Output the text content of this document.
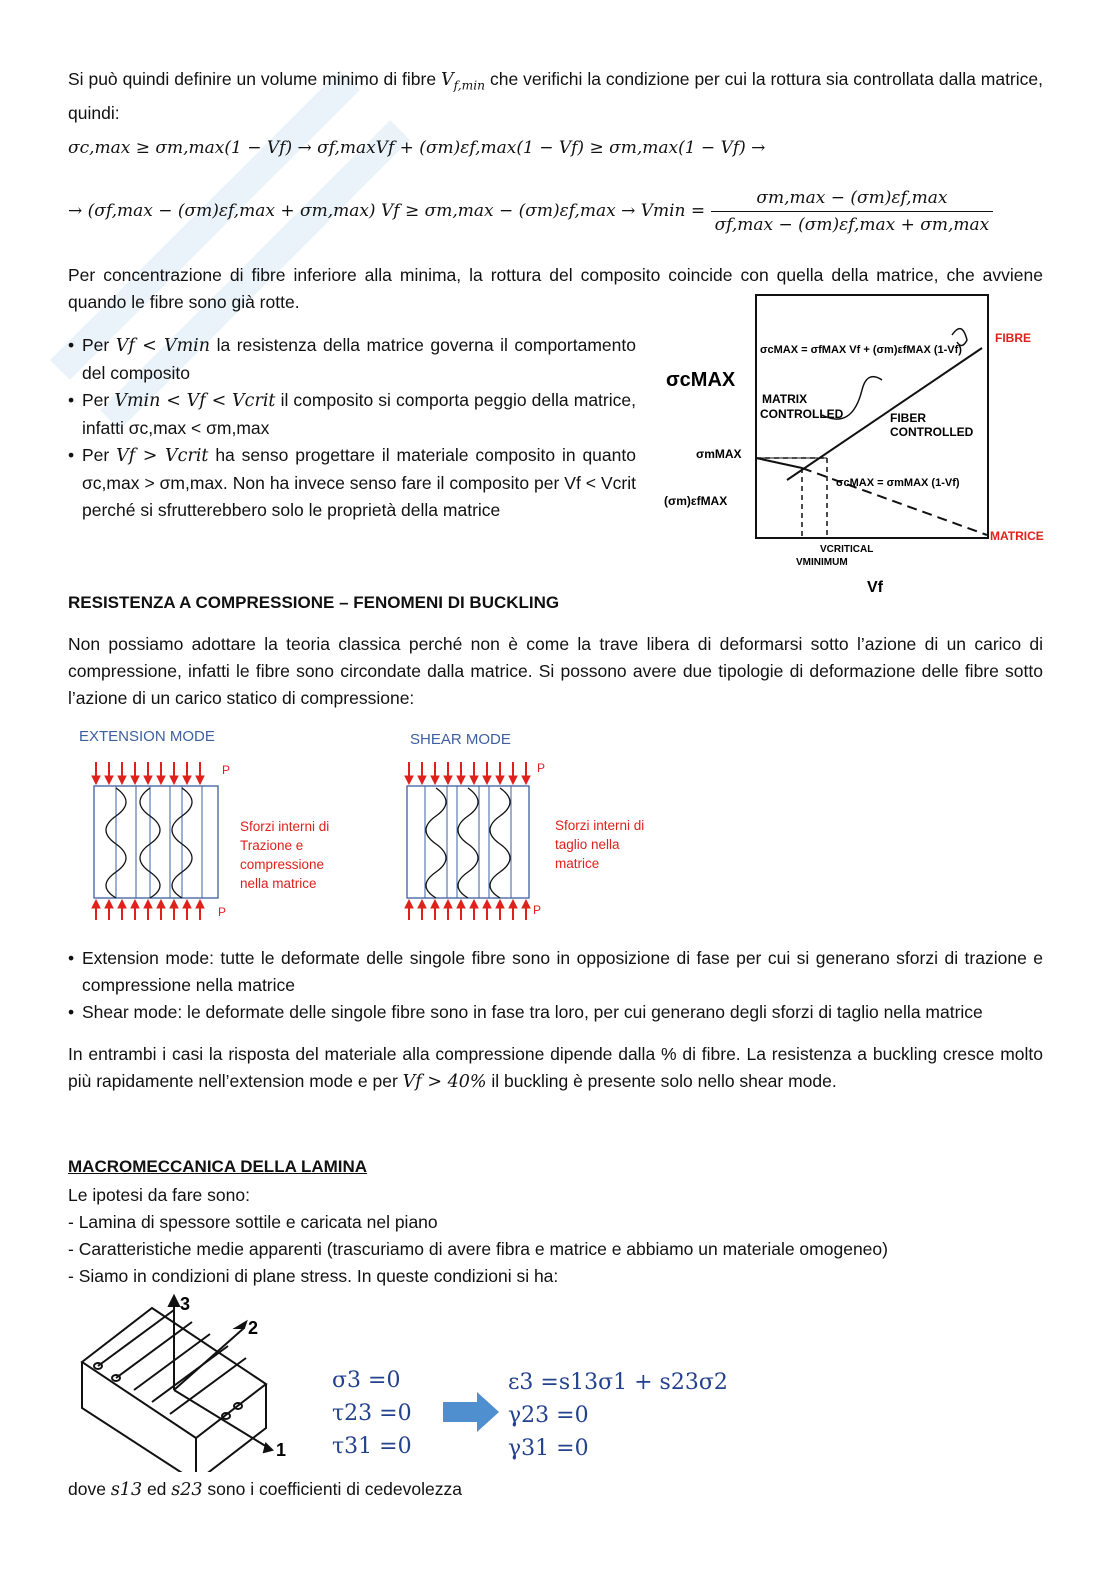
Si può quindi definire un volume minimo di fibre $V_{f,min}$ che verifichi la condizione per cui la rottura sia controllata dalla matrice, quindi:
σc,max ≥ σm,max(1 − Vf) → σf,maxVf + (σm)εf,max(1 − Vf) ≥ σm,max(1 − Vf) →
→ (σf,max − (σm)εf,max + σm,max) $Vf \ge \sigma m,\max - (\sigma m)\varepsilon f,\max \to Vmin = \frac{\sigma m,\max - (\sigma m)\varepsilon f,\max}{\sigma f,\max - (\sigma m)\varepsilon f,\max + \sigma m,\max}$
Per concentrazione di fibre inferiore alla minima, la rottura del composito coincide con quella della matrice, che avviene quando le fibre sono già rotte.
• Per Vf < Vmin la resistenza della matrice governa il comportamento del composito
• Per Vmin < Vf < Vcrit il composito si comporta peggio della matrice, infatti σc,max < σm,max
• Per Vf > Vcrit ha senso progettare il materiale composito in quanto σc,max > σm,max. Non ha invece senso fare il composito per Vf < Vcrit perché si sfrutterebbero solo le proprietà della matrice
σcMAX
FIBRE
MATRICE
σcMAX = σfMAX Vf + (σm)εfMAX (1-Vf)
MATRIX
CONTROLLED	FIBER
CONTROLLED
σcMAX = σmMAX (1-Vf)
σmMAX
(σm)εfMAX
VCRITICAL
VMINIMUM
Vf
RESISTENZA A COMPRESSIONE – FENOMENI DI BUCKLING
Non possiamo adottare la teoria classica perché non è come la trave libera di deformarsi sotto l’azione di un carico di compressione, infatti le fibre sono circondate dalla matrice. Si possono avere due tipologie di deformazione delle fibre sotto l’azione di un carico statico di compressione:
EXTENSION MODE
P
P
Sforzi interni di
Trazione e
compressione
nella matrice
SHEAR MODE
P
P
Sforzi interni di
taglio nella
matrice
• Extension mode: tutte le deformate delle singole fibre sono in opposizione di fase per cui si generano sforzi di trazione e compressione nella matrice
• Shear mode: le deformate delle singole fibre sono in fase tra loro, per cui generano degli sforzi di taglio nella matrice
In entrambi i casi la risposta del materiale alla compressione dipende dalla % di fibre. La resistenza a buckling cresce molto più rapidamente nell’extension mode e per Vf > 40% il buckling è presente solo nello shear mode.
MACROMECCANICA DELLA LAMINA
Le ipotesi da fare sono:
- Lamina di spessore sottile e caricata nel piano
- Caratteristiche medie apparenti (trascuriamo di avere fibra e matrice e abbiamo un materiale omogeneo)
- Siamo in condizioni di plane stress. In queste condizioni si ha:
3
2
1
σ3 =0
τ23 =0
τ31 =0
ε3 =s13σ1 + s23σ2
γ23 =0
γ31 =0
dove s13 ed s23 sono i coefficienti di cedevolezza
